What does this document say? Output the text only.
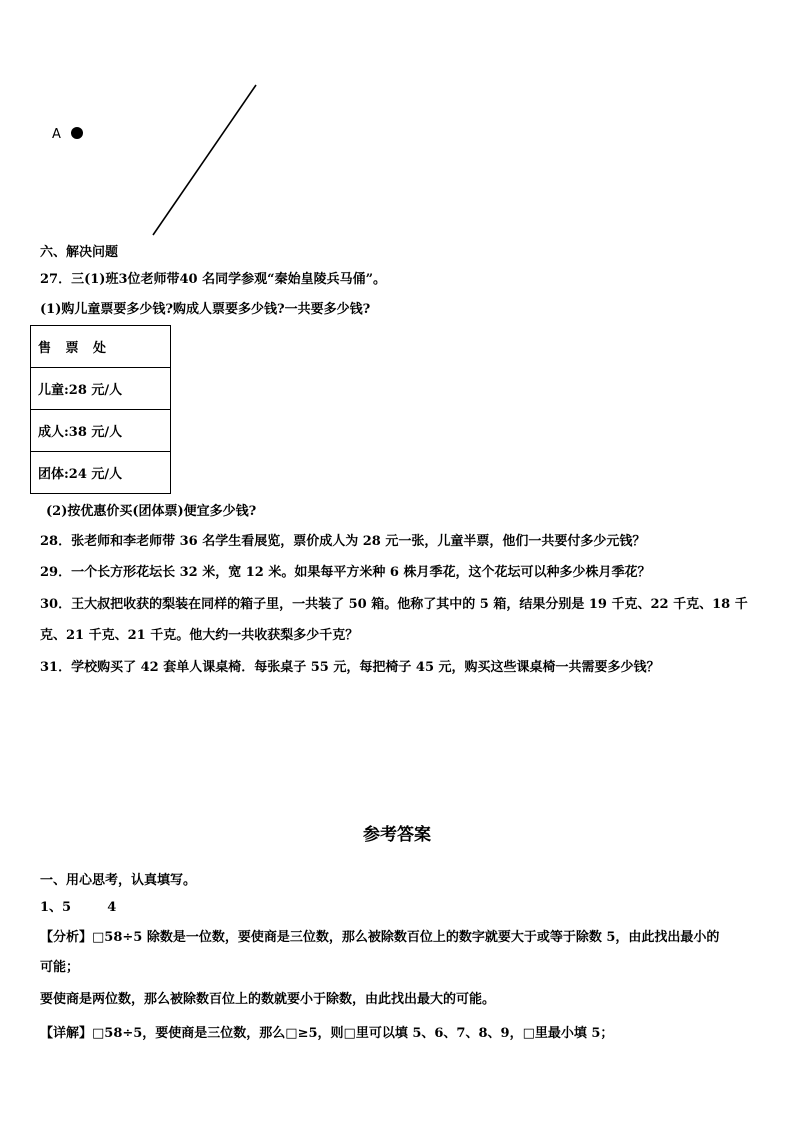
A
六、解决问题
27．三(1)班3位老师带40 名同学参观“秦始皇陵兵马俑”。
(1)购儿童票要多少钱?购成人票要多少钱?一共要多少钱?
售 票 处
儿童:28 元/人
成人:38 元/人
团体:24 元/人
(2)按优惠价买(团体票)便宜多少钱?
28．张老师和李老师带 36 名学生看展览，票价成人为 28 元一张，儿童半票，他们一共要付多少元钱？
29．一个长方形花坛长 32 米，宽 12 米。如果每平方米种 6 株月季花，这个花坛可以种多少株月季花？
30．王大叔把收获的梨装在同样的箱子里，一共装了 50 箱。他称了其中的 5 箱，结果分别是 19 千克、22 千克、18 千
克、21 千克、21 千克。他大约一共收获梨多少千克？
31．学校购买了 42 套单人课桌椅．每张桌子 55 元，每把椅子 45 元，购买这些课桌椅一共需要多少钱？
参考答案
一、用心思考，认真填写。
1、5        4
【分析】□58÷5 除数是一位数，要使商是三位数，那么被除数百位上的数字就要大于或等于除数 5，由此找出最小的
可能；
要使商是两位数，那么被除数百位上的数就要小于除数，由此找出最大的可能。
【详解】□58÷5，要使商是三位数，那么□≥5，则□里可以填 5、6、7、8、9，□里最小填 5；
